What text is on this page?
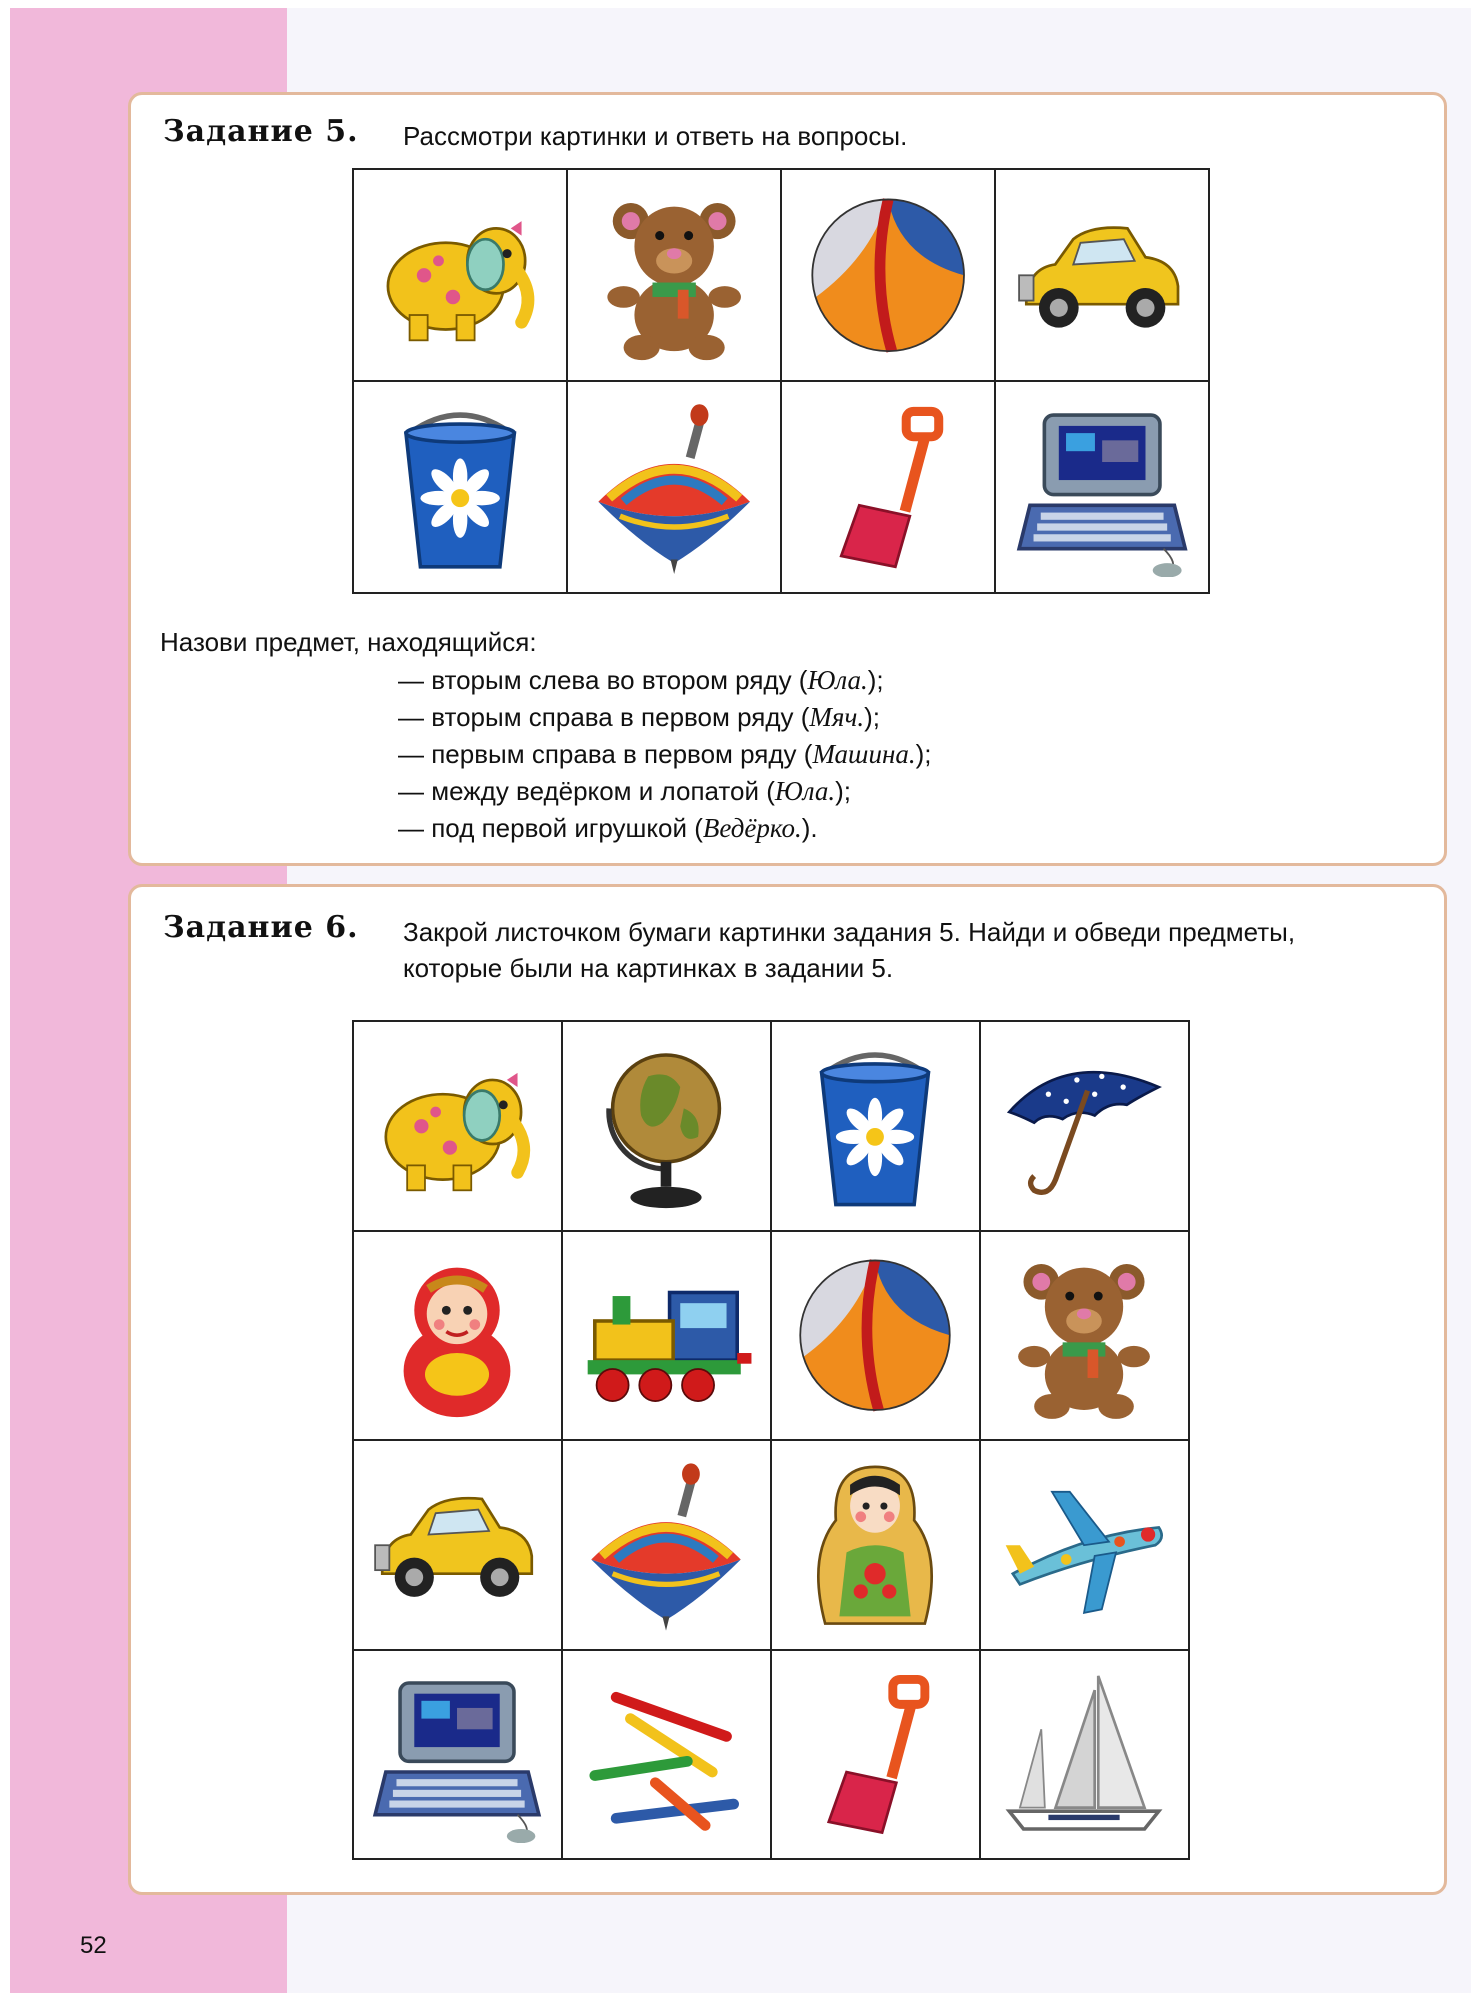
Задание 5. Рассмотри картинки и ответь на вопросы.
Назови предмет, находящийся:
— вторым слева во втором ряду (Юла.);
— вторым справа в первом ряду (Мяч.);
— первым справа в первом ряду (Машина.);
— между ведёрком и лопатой (Юла.);
— под первой игрушкой (Ведёрко.).
Задание 6. Закрой листочком бумаги картинки задания 5. Найди и обведи предметы,
которые были на картинках в задании 5.
52
